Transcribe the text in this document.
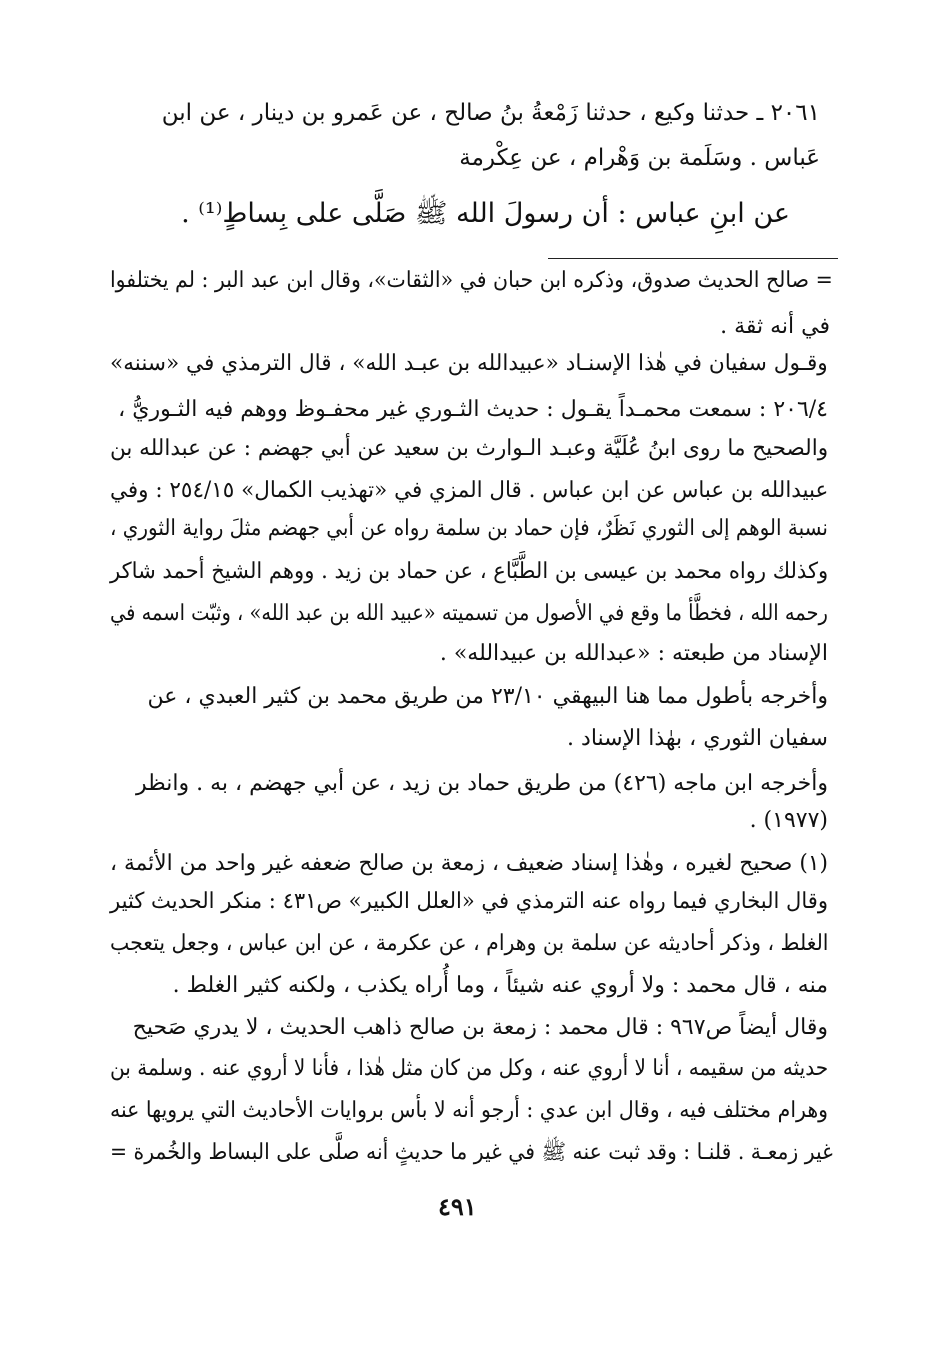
٢٠٦١ ـ حدثنا وكيع ، حدثنا زَمْعةُ بنُ صالح ، عن عَمرو بن دينار ، عن ابن
عَباس . وسَلَمة بن وَهْرام ، عن عِكْرمة
عن ابنِ عباس : أن رسولَ الله ﷺ صَلَّى على بِساطٍ⁽¹⁾ .
= صالح الحديث صدوق، وذكره ابن حبان في «الثقات»، وقال ابن عبد البر : لم يختلفوا
في أنه ثقة .
وقـول سفيان في هٰذا الإسنـاد «عبيدالله بن عبـد الله» ، قال الترمذي في «سننه»
٢٠٦/٤ : سمعت محمـداً يقـول : حديث الثـوري غير محفـوظ ووهم فيه الثـوريُّ ،
والصحيح ما روى ابنُ عُلَيَّة وعبـد الـوارث بن سعيد عن أبي جهضم : عن عبدالله بن
عبيدالله بن عباس عن ابن عباس . قال المزي في «تهذيب الكمال» ٢٥٤/١٥ : وفي
نسبة الوهم إلى الثوري نَظَرٌ، فإن حماد بن سلمة رواه عن أبي جهضم مثلَ رواية الثوري ،
وكذلك رواه محمد بن عيسى بن الطَّبَّاع ، عن حماد بن زيد . ووهم الشيخ أحمد شاكر
رحمه الله ، فخطَّأ ما وقع في الأصول من تسميته «عبيد الله بن عبد الله» ، وثبّت اسمه في
الإسناد من طبعته : «عبدالله بن عبيدالله» .
وأخرجه بأطول مما هنا البيهقي ٢٣/١٠ من طريق محمد بن كثير العبدي ، عن
سفيان الثوري ، بهٰذا الإسناد .
وأخرجه ابن ماجه (٤٢٦) من طريق حماد بن زيد ، عن أبي جهضم ، به . وانظر
(١٩٧٧) .
(١) صحيح لغيره ، وهٰذا إسناد ضعيف ، زمعة بن صالح ضعفه غير واحد من الأئمة ،
وقال البخاري فيما رواه عنه الترمذي في «العلل الكبير» ص٤٣١ : منكر الحديث كثير
الغلط ، وذكر أحاديثه عن سلمة بن وهرام ، عن عكرمة ، عن ابن عباس ، وجعل يتعجب
منه ، قال محمد : ولا أروي عنه شيئاً ، وما أُراه يكذب ، ولكنه كثير الغلط .
وقال أيضاً ص٩٦٧ : قال محمد : زمعة بن صالح ذاهب الحديث ، لا يدري صَحيح
حديثه من سقيمه ، أنا لا أروي عنه ، وكل من كان مثل هٰذا ، فأنا لا أروي عنه . وسلمة بن
وهرام مختلف فيه ، وقال ابن عدي : أرجو أنه لا بأس بروايات الأحاديث التي يرويها عنه
غير زمعـة . قلنـا : وقد ثبت عنه ﷺ في غير ما حديثٍ أنه صلَّى على البساط والخُمرة =
٤٩١
